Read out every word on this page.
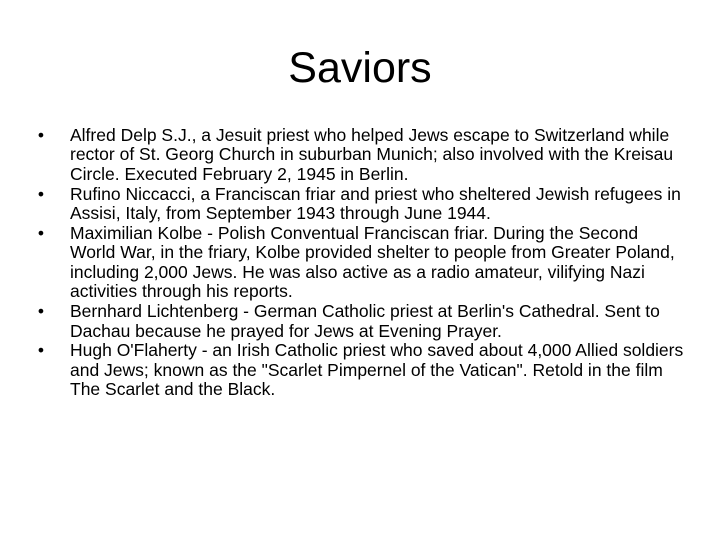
Saviors
• Alfred Delp S.J., a Jesuit priest who helped Jews escape to Switzerland while rector of St. Georg Church in suburban Munich; also involved with the Kreisau Circle. Executed February 2, 1945 in Berlin.
• Rufino Niccacci, a Franciscan friar and priest who sheltered Jewish refugees in Assisi, Italy, from September 1943 through June 1944.
• Maximilian Kolbe - Polish Conventual Franciscan friar. During the Second World War, in the friary, Kolbe provided shelter to people from Greater Poland, including 2,000 Jews. He was also active as a radio amateur, vilifying Nazi activities through his reports.
• Bernhard Lichtenberg - German Catholic priest at Berlin's Cathedral. Sent to Dachau because he prayed for Jews at Evening Prayer.
• Hugh O'Flaherty - an Irish Catholic priest who saved about 4,000 Allied soldiers and Jews; known as the "Scarlet Pimpernel of the Vatican". Retold in the film The Scarlet and the Black.
